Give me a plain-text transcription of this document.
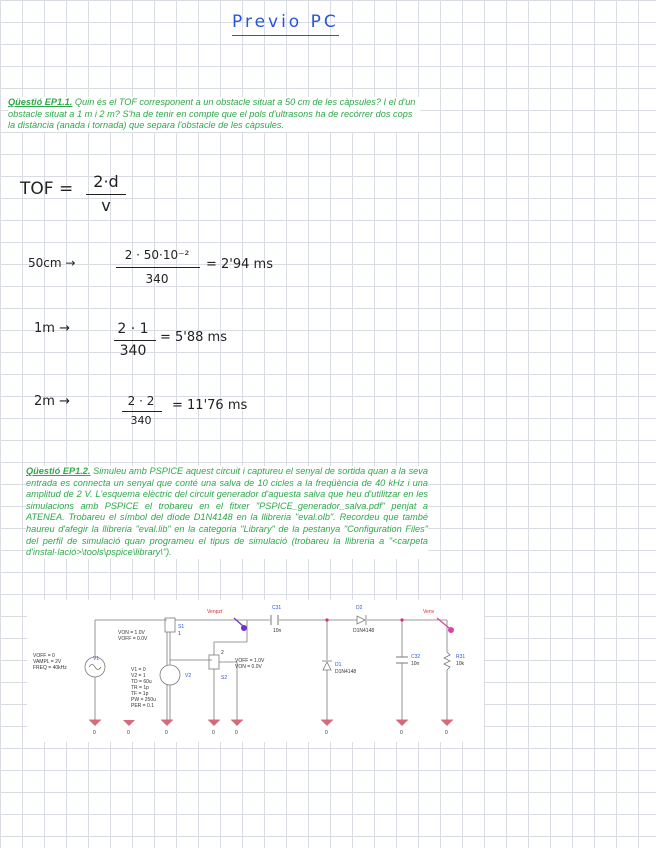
Previo PC
Qüestió EP1.1. Quin és el TOF corresponent a un obstacle situat a 50 cm de les càpsules? I el d'un obstacle situat a 1 m i 2 m? S'ha de tenir en compte que el pols d'ultrasons ha de recórrer dos cops la distància (anada i tornada) que separa l'obstacle de les càpsules.
TOF =	2·d
v
50cm →
2 · 50·10⁻²
340
= 2'94 ms
1m →	2 · 1
340
= 5'88 ms
2m →	2 · 2
340
= 11'76 ms
Qüestió EP1.2. Simuleu amb PSPICE aquest circuit i captureu el senyal de sortida quan a la seva entrada es connecta un senyal que conté una salva de 10 cicles a la freqüència de 40 kHz i una amplitud de 2 V. L'esquema elèctric del circuit generador d'aquesta salva que heu d'utilitzar en les simulacions amb PSPICE el trobareu en el fitxer "PSPICE_generador_salva.pdf" penjat a ATENEA. Trobareu el símbol del díode D1N4148 en la llibreria "eval.olb". Recordeu que també haureu d'afegir la llibreria "eval.lib" en la categoria "Library" de la pestanya "Configuration Files" del perfil de simulació quan programeu el tipus de simulació (trobareu la llibreria a "<carpeta d'instal·lació>\tools\pspice\library\").
Venpzt	Venv
C31
10n
D2
D1N4148
D1
D1N4148
C32
10n
R31
10k
V1
VOFF = 0
VAMPL = 2V
FREQ = 40kHz
S1
1
VON = 1.0V
VOFF = 0.0V
S2
2
VOFF = 1.0V
VON = 0.0V
V2
V1 = 0
V2 = 1
TD = 60u
TR = 1p
TF = 1p
PW = 250u
PER = 0.1
0	0	0	0	0	0	0	0
